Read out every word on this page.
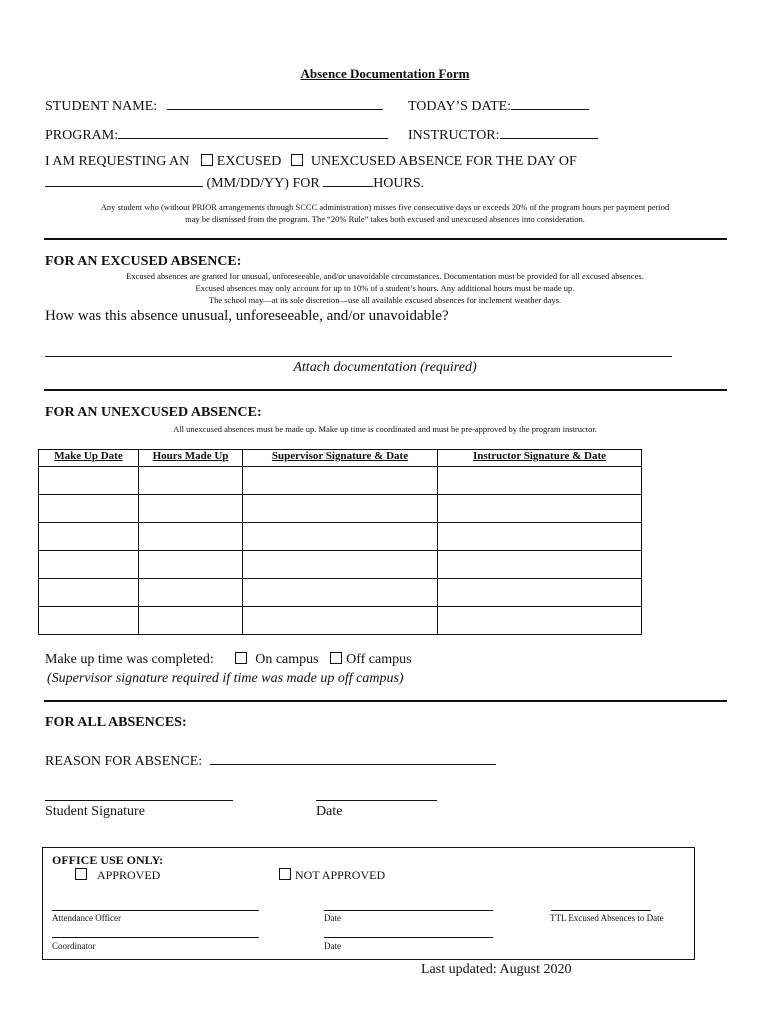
Absence Documentation Form
STUDENT NAME:	TODAY’S DATE:
PROGRAM:	INSTRUCTOR:
I AM REQUESTING AN EXCUSED UNEXCUSED ABSENCE FOR THE DAY OF
(MM/DD/YY) FOR	HOURS.
Any student who (without PRIOR arrangements through SCCC administration) misses five consecutive days or exceeds 20% of the program hours per payment period
may be dismissed from the program. The “20% Rule” takes both excused and unexcused absences into consideration.
FOR AN EXCUSED ABSENCE:
Excused absences are granted for unusual, unforeseeable, and/or unavoidable circumstances. Documentation must be provided for all excused absences.
Excused absences may only account for up to 10% of a student’s hours. Any additional hours must be made up.
The school may—at its sole discretion—use all available excused absences for inclement weather days.
How was this absence unusual, unforeseeable, and/or unavoidable?
Attach documentation (required)
FOR AN UNEXCUSED ABSENCE:
All unexcused absences must be made up. Make up time is coordinated and must be pre-approved by the program instructor.
Make Up Date	Hours Made Up	Supervisor Signature & Date	Instructor Signature & Date

Make up time was completed:	On campus Off campus
(Supervisor signature required if time was made up off campus)
FOR ALL ABSENCES:
REASON FOR ABSENCE:
Student Signature	Date
OFFICE USE ONLY:
APPROVED	NOT APPROVED
Attendance Officer	Date	TTL Excused Absences to Date
Coordinator	Date
Last updated: August 2020
